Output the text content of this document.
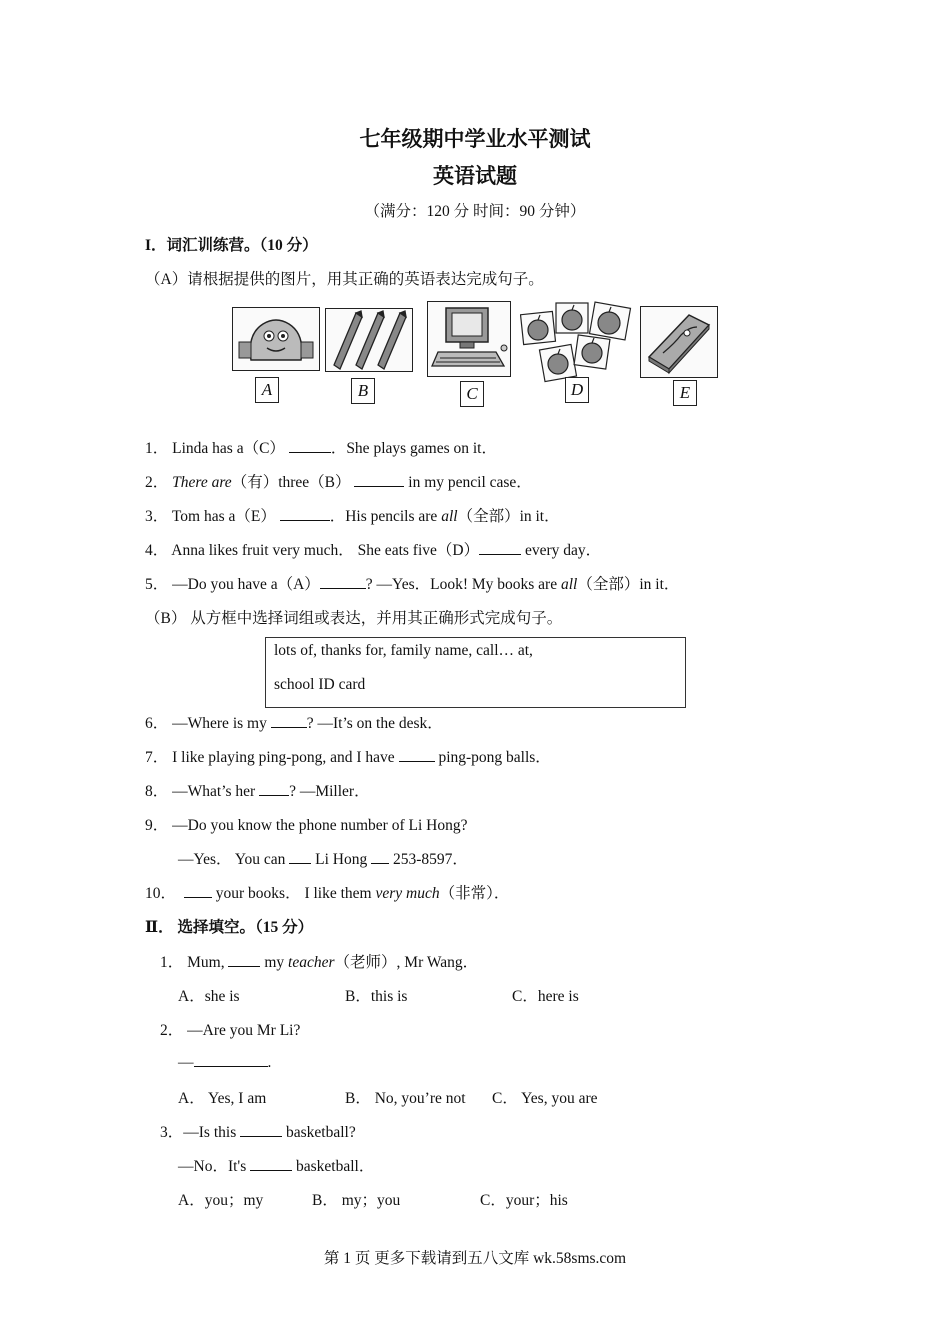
七年级期中学业水平测试
英语试题
（满分：120 分 时间：90 分钟）
I．词汇训练营。（10 分）
（A）请根据提供的图片，用其正确的英语表达完成句子。
A	B	C	D	E
1． Linda has a（C）	．She plays games on it．
2． There are（有）three（B）	in my pencil case．
3． Tom has a（E）	．His pencils are all（全部）in it．
4． Anna likes fruit very much． She eats five（D）	every day．
5． —Do you have a（A）	? —Yes．Look! My books are all（全部）in it．
（B） 从方框中选择词组或表达，并用其正确形式完成句子。
lots of, thanks for, family name, call… at,
school ID card
6． —Where is my	? —It’s on the desk．
7． I like playing ping-pong, and I have	ping-pong balls．
8． —What’s her ? —Miller．
9． —Do you know the phone number of Li Hong?
—Yes． You can Li Hong 253-8597．
10．	your books． I like them very much（非常）．
Ⅱ． 选择填空。（15 分）
1． Mum,	my teacher（老师）, Mr Wang．
A．she is	B．this is	C．here is
2． —Are you Mr Li?
—	.
A． Yes, I am	B． No, you’re not C． Yes, you are
3．—Is this	basketball?
—No．It's	basketball．
A．you；my	B． my；you	C．your；his
第 1 页 更多下载请到五八文库 wk.58sms.com
